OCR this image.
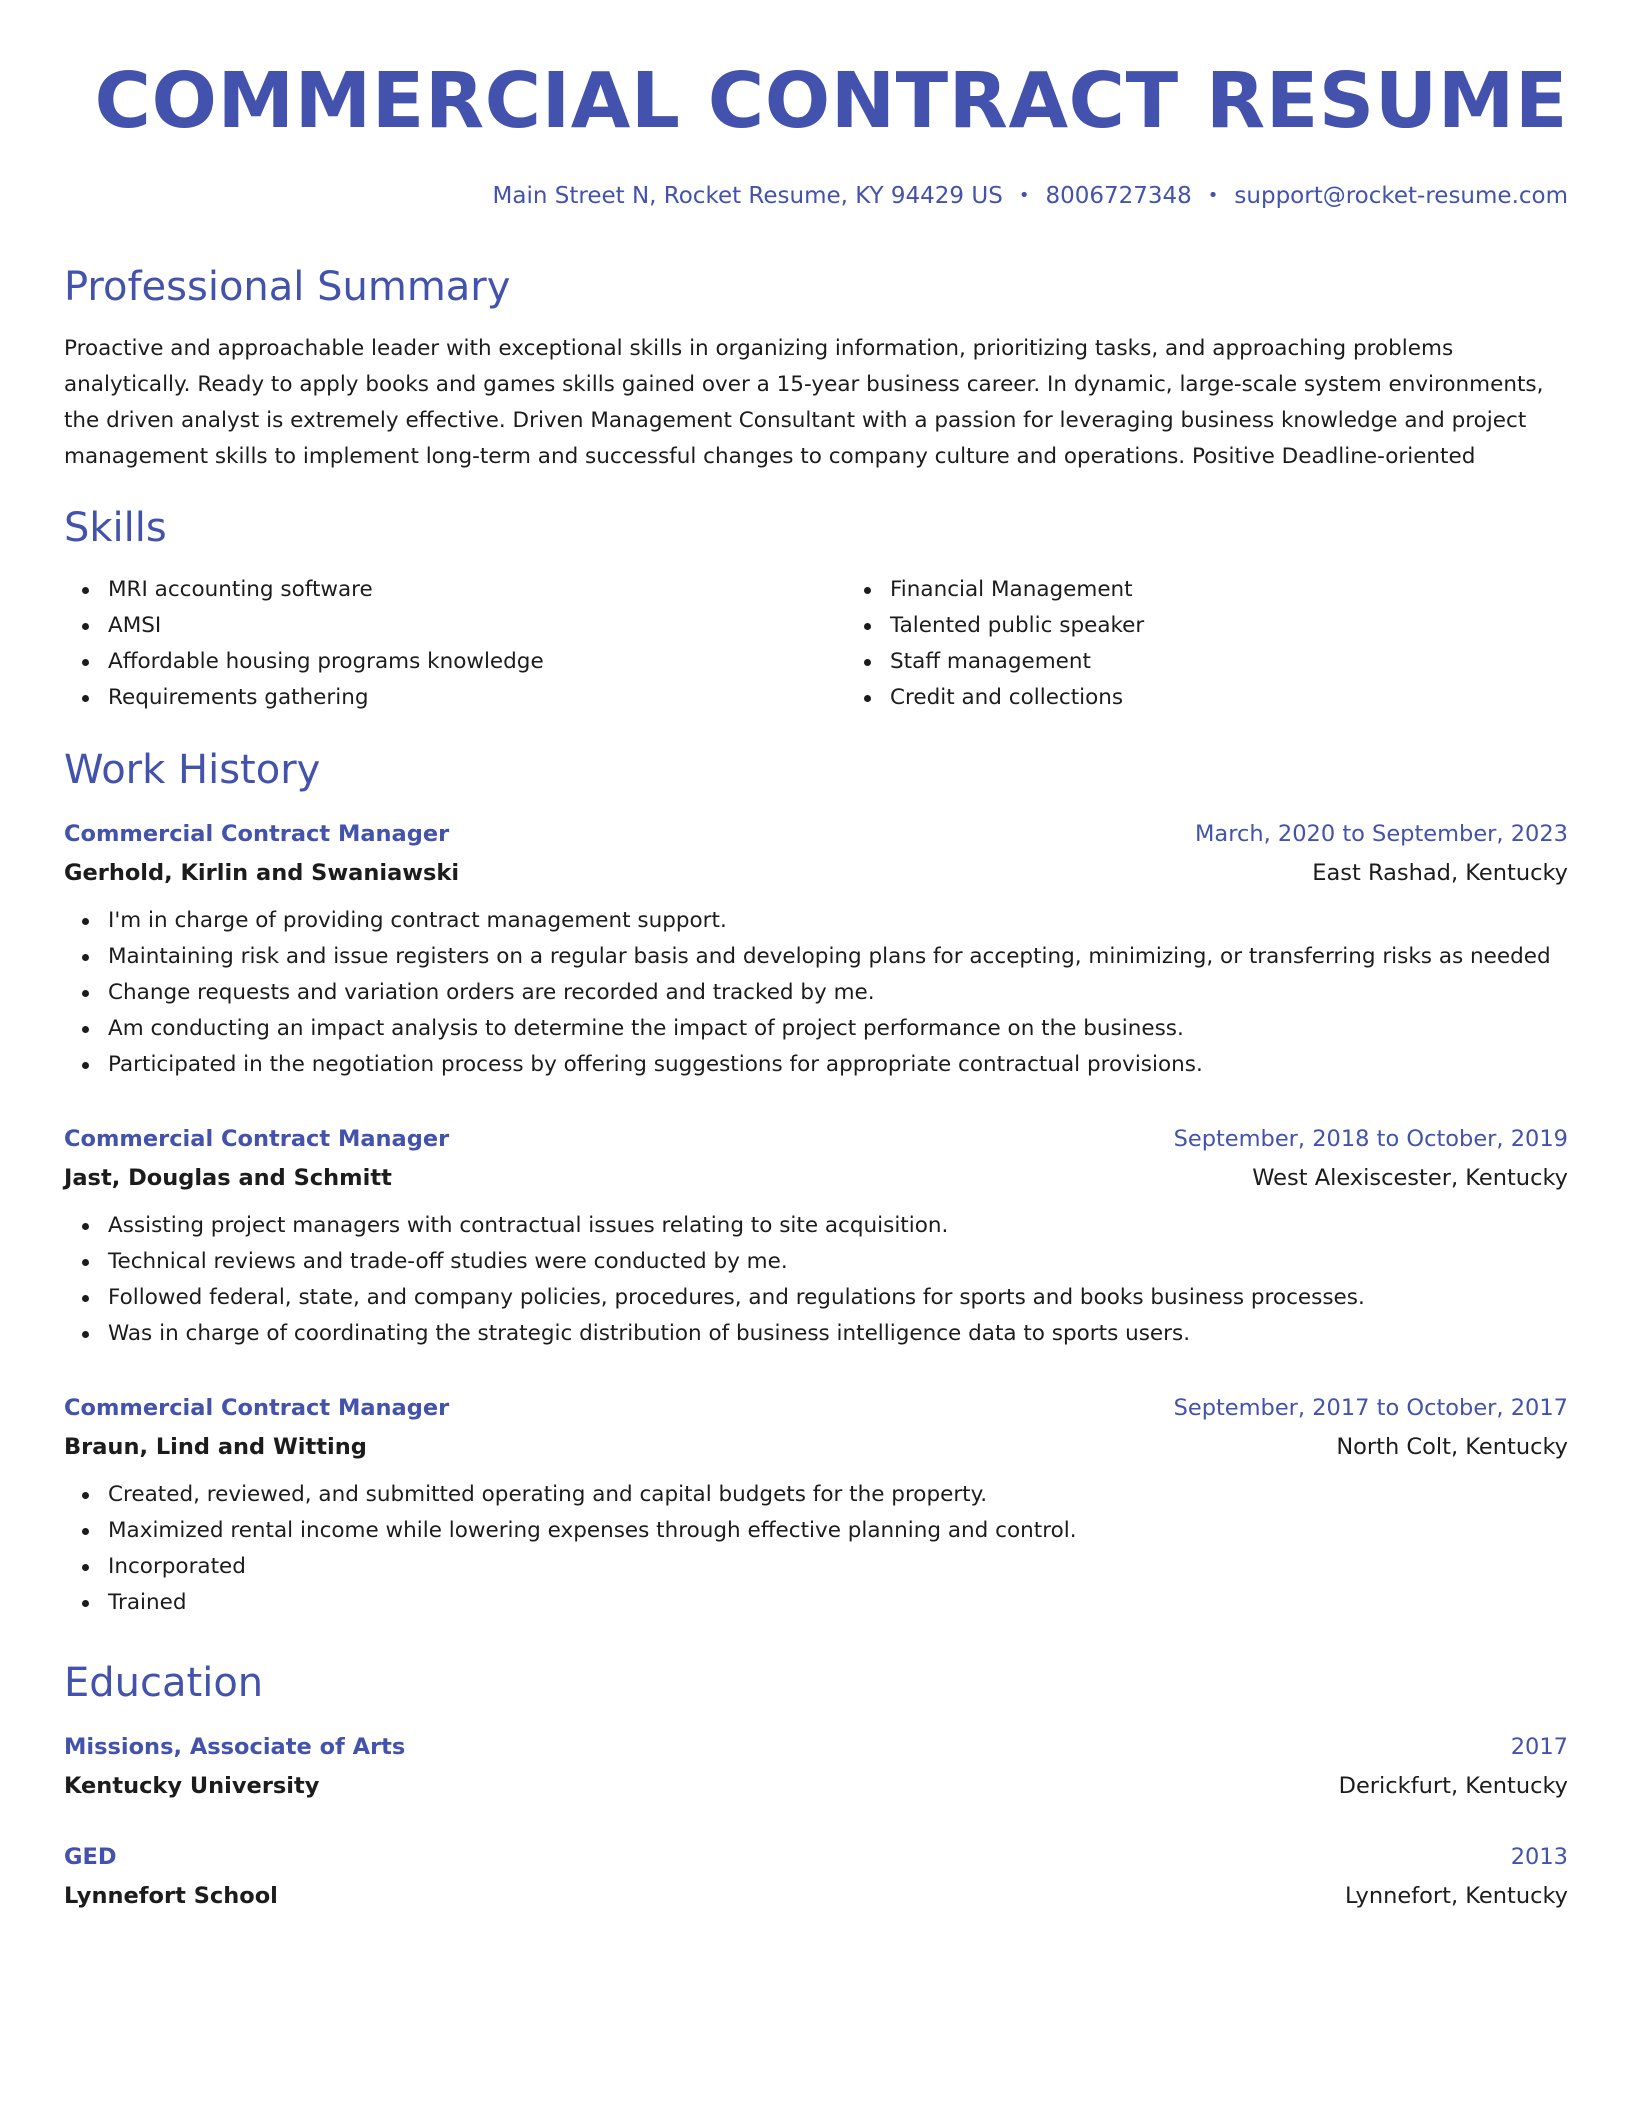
COMMERCIAL CONTRACT RESUME
Main Street N, Rocket Resume, KY 94429 US • 8006727348 • support@rocket-resume.com
Professional Summary

Proactive and approachable leader with exceptional skills in organizing information, prioritizing tasks, and approaching problems analytically. Ready to apply books and games skills gained over a 15-year business career. In dynamic, large-scale system environments, the driven analyst is extremely effective. Driven Management Consultant with a passion for leveraging business knowledge and project management skills to implement long-term and successful changes to company culture and operations. Positive Deadline-oriented

Skills
MRI accounting software
AMSI
Affordable housing programs knowledge
Requirements gathering
Financial Management
Talented public speaker
Staff management
Credit and collections
Work History
Commercial Contract Manager	March, 2020 to September, 2023
Gerhold, Kirlin and Swaniawski	East Rashad, Kentucky
I'm in charge of providing contract management support.
Maintaining risk and issue registers on a regular basis and developing plans for accepting, minimizing, or transferring risks as needed
Change requests and variation orders are recorded and tracked by me.
Am conducting an impact analysis to determine the impact of project performance on the business.
Participated in the negotiation process by offering suggestions for appropriate contractual provisions.
Commercial Contract Manager	September, 2018 to October, 2019
Jast, Douglas and Schmitt	West Alexiscester, Kentucky
Assisting project managers with contractual issues relating to site acquisition.
Technical reviews and trade-off studies were conducted by me.
Followed federal, state, and company policies, procedures, and regulations for sports and books business processes.
Was in charge of coordinating the strategic distribution of business intelligence data to sports users.
Commercial Contract Manager	September, 2017 to October, 2017
Braun, Lind and Witting	North Colt, Kentucky
Created, reviewed, and submitted operating and capital budgets for the property.
Maximized rental income while lowering expenses through effective planning and control.
Incorporated
Trained
Education
Missions, Associate of Arts	2017
Kentucky University	Derickfurt, Kentucky
GED	2013
Lynnefort School	Lynnefort, Kentucky
